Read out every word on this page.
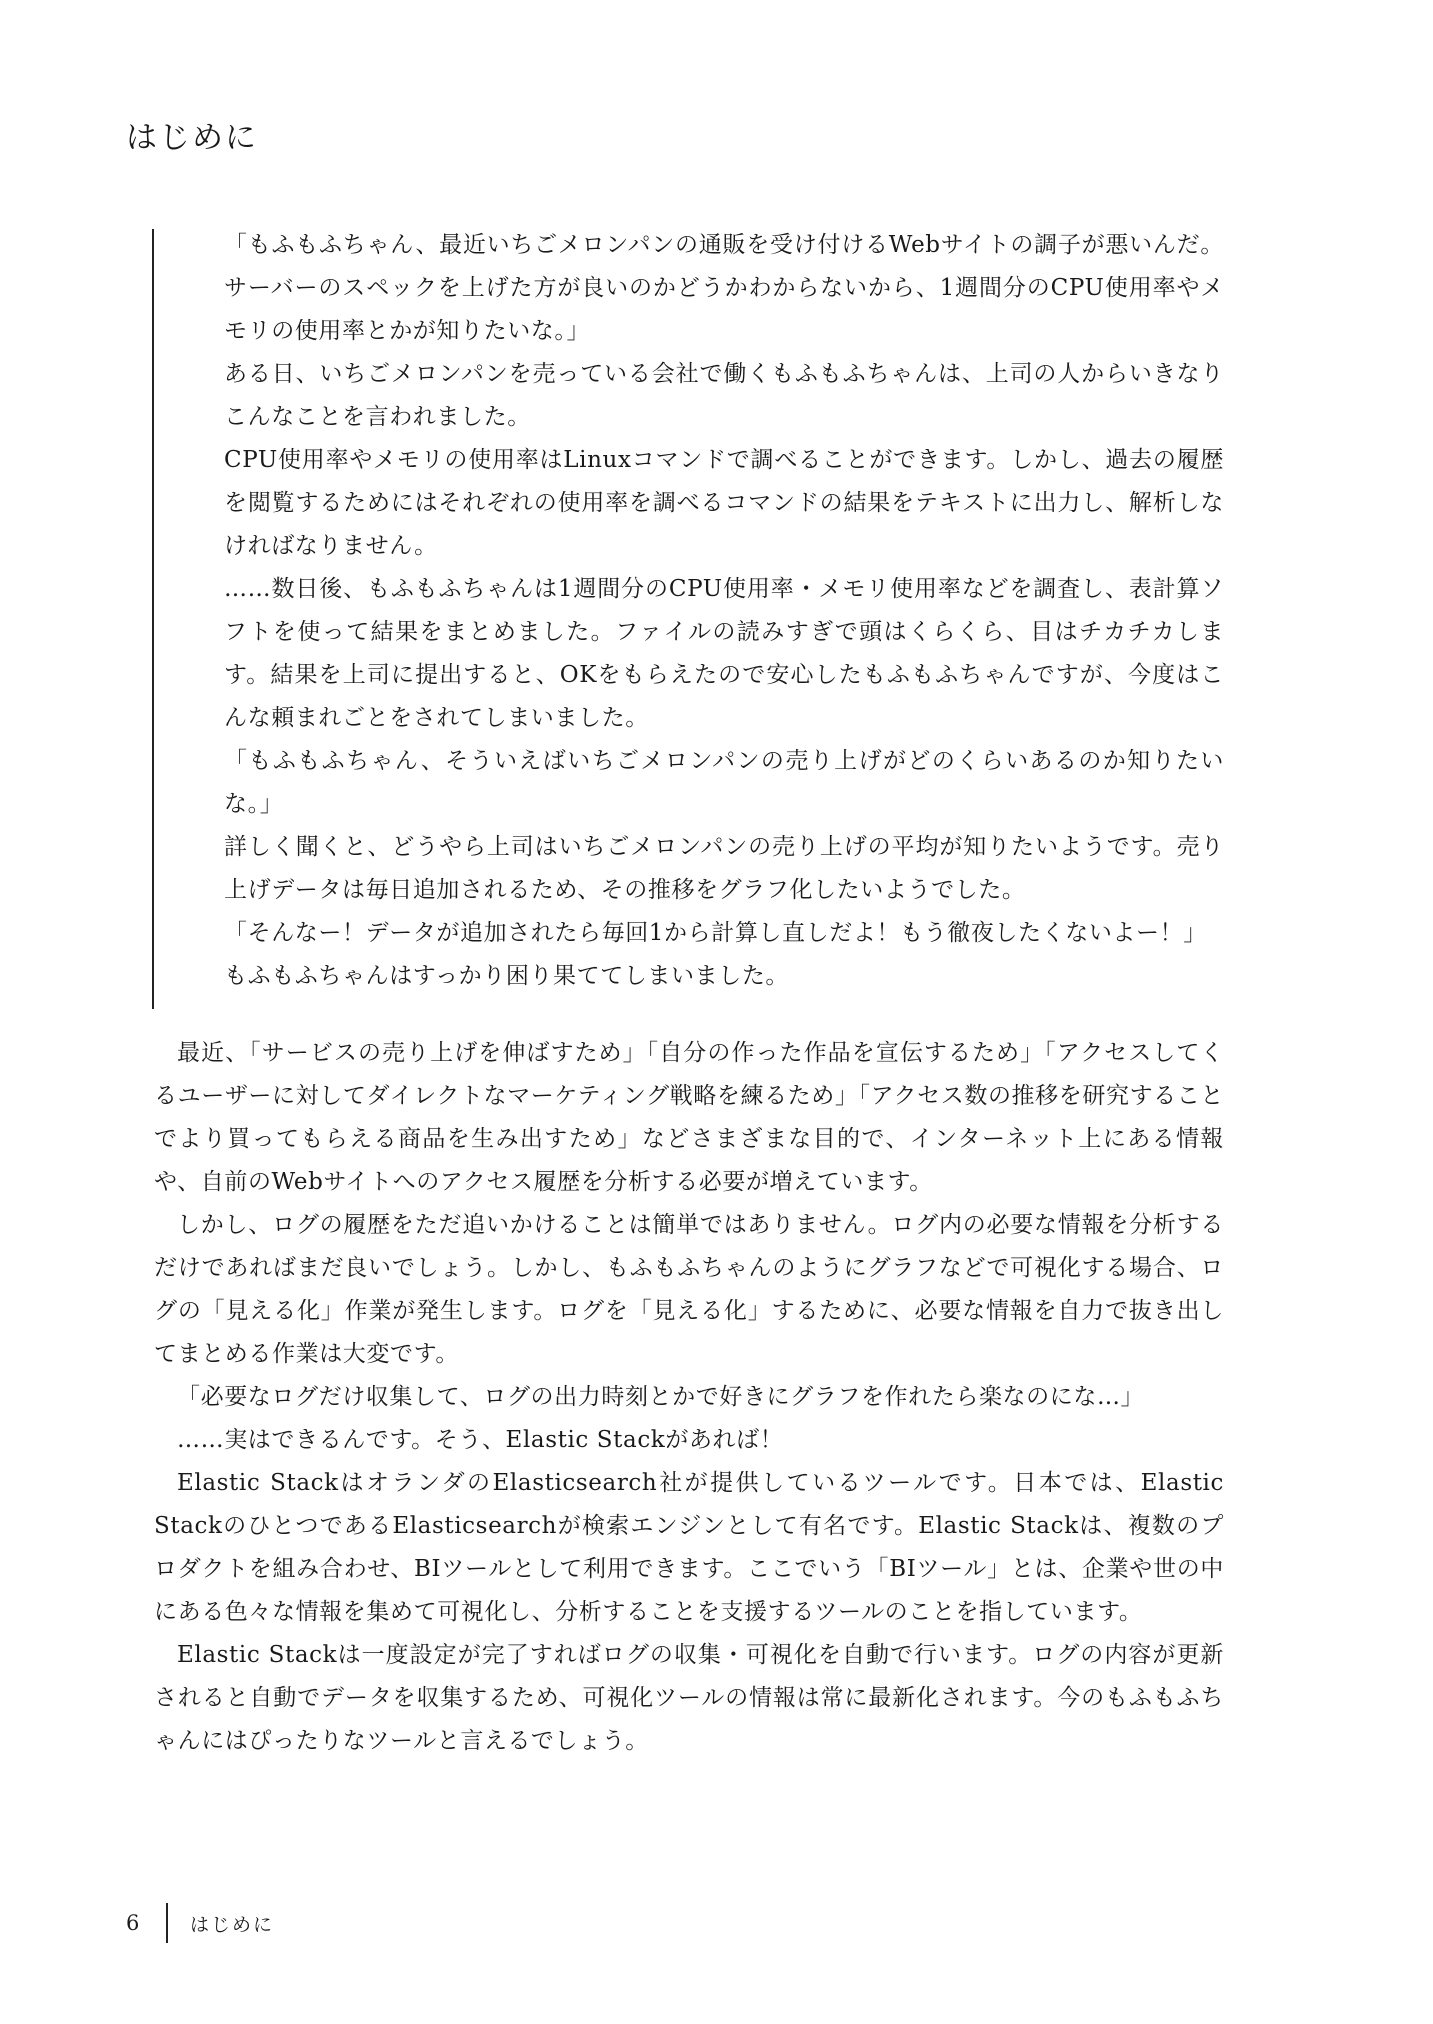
はじめに

「もふもふちゃん、最近いちごメロンパンの通販を受け付けるWebサイトの調子が悪いんだ。サーバーのスペックを上げた方が良いのかどうかわからないから、1週間分のCPU使用率やメモリの使用率とかが知りたいな。」

ある日、いちごメロンパンを売っている会社で働くもふもふちゃんは、上司の人からいきなりこんなことを言われました。

CPU使用率やメモリの使用率はLinuxコマンドで調べることができます。しかし、過去の履歴を閲覧するためにはそれぞれの使用率を調べるコマンドの結果をテキストに出力し、解析しなければなりません。

……数日後、もふもふちゃんは1週間分のCPU使用率・メモリ使用率などを調査し、表計算ソフトを使って結果をまとめました。ファイルの読みすぎで頭はくらくら、目はチカチカします。結果を上司に提出すると、OKをもらえたので安心したもふもふちゃんですが、今度はこんな頼まれごとをされてしまいました。

「もふもふちゃん、そういえばいちごメロンパンの売り上げがどのくらいあるのか知りたいな。」

詳しく聞くと、どうやら上司はいちごメロンパンの売り上げの平均が知りたいようです。売り上げデータは毎日追加されるため、その推移をグラフ化したいようでした。

「そんなー！データが追加されたら毎回1から計算し直しだよ！もう徹夜したくないよー！」

もふもふちゃんはすっかり困り果ててしまいました。

最近、「サービスの売り上げを伸ばすため」「自分の作った作品を宣伝するため」「アクセスしてくるユーザーに対してダイレクトなマーケティング戦略を練るため」「アクセス数の推移を研究することでより買ってもらえる商品を生み出すため」などさまざまな目的で、インターネット上にある情報や、自前のWebサイトへのアクセス履歴を分析する必要が増えています。

しかし、ログの履歴をただ追いかけることは簡単ではありません。ログ内の必要な情報を分析するだけであればまだ良いでしょう。しかし、もふもふちゃんのようにグラフなどで可視化する場合、ログの「見える化」作業が発生します。ログを「見える化」するために、必要な情報を自力で抜き出してまとめる作業は大変です。

「必要なログだけ収集して、ログの出力時刻とかで好きにグラフを作れたら楽なのにな…」

……実はできるんです。そう、Elastic Stackがあれば！

Elastic StackはオランダのElasticsearch社が提供しているツールです。日本では、Elastic StackのひとつであるElasticsearchが検索エンジンとして有名です。Elastic Stackは、複数のプロダクトを組み合わせ、BIツールとして利用できます。ここでいう「BIツール」とは、企業や世の中にある色々な情報を集めて可視化し、分析することを支援するツールのことを指しています。

Elastic Stackは一度設定が完了すればログの収集・可視化を自動で行います。ログの内容が更新されると自動でデータを収集するため、可視化ツールの情報は常に最新化されます。今のもふもふちゃんにはぴったりなツールと言えるでしょう。

6	はじめに
